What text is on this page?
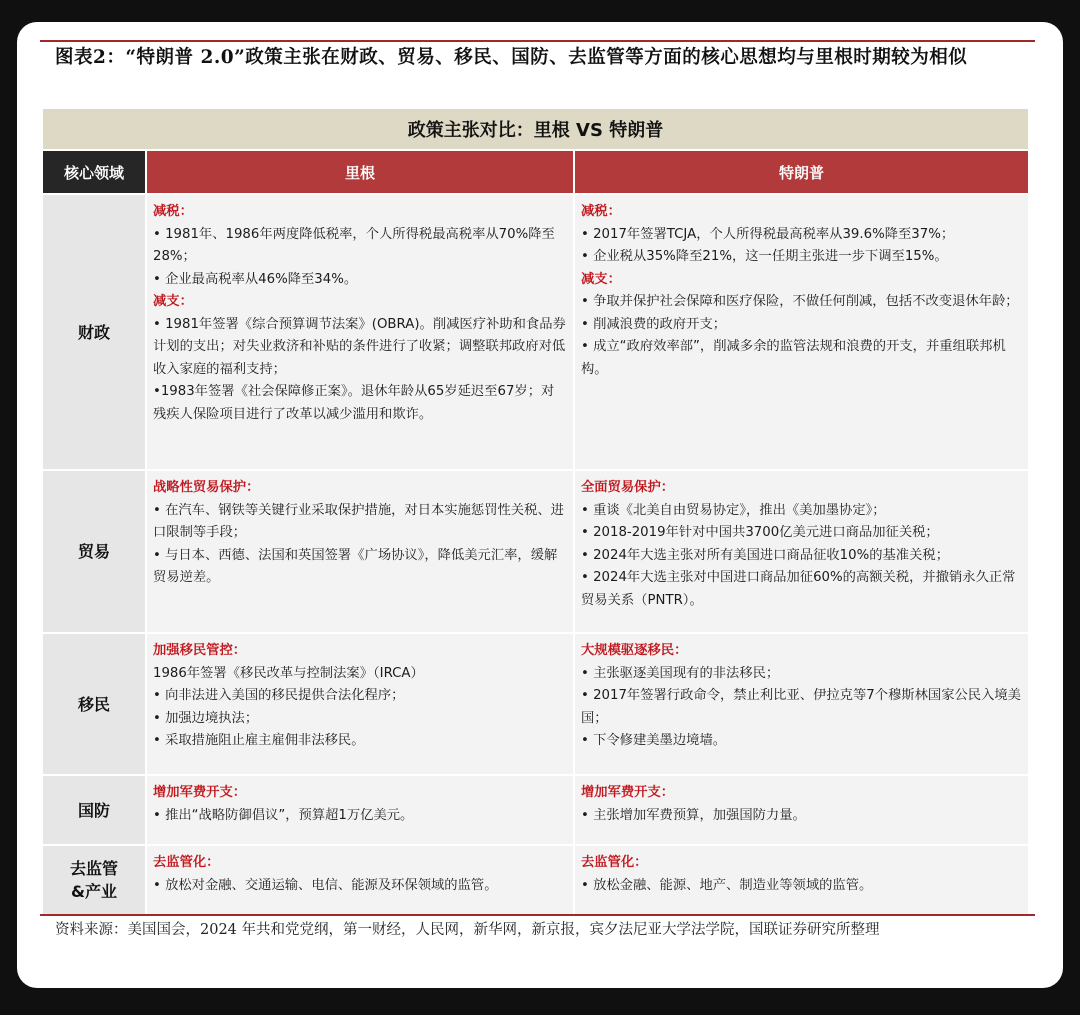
图表2：“特朗普 2.0”政策主张在财政、贸易、移民、国防、去监管等方面的核心思想均与里根时期较为相似
政策主张对比：里根 VS 特朗普
核心领域	里根	特朗普
财政
减税：
• 1981年、1986年两度降低税率，个人所得税最高税率从70%降至28%；
• 企业最高税率从46%降至34%。
减支：
• 1981年签署《综合预算调节法案》(OBRA)。削减医疗补助和食品券计划的支出；对失业救济和补贴的条件进行了收紧；调整联邦政府对低收入家庭的福利支持；
•1983年签署《社会保障修正案》。退休年龄从65岁延迟至67岁；对残疾人保险项目进行了改革以减少滥用和欺诈。
减税：
• 2017年签署TCJA，个人所得税最高税率从39.6%降至37%；
• 企业税从35%降至21%，这一任期主张进一步下调至15%。
减支：
• 争取并保护社会保障和医疗保险，不做任何削减，包括不改变退休年龄；
• 削减浪费的政府开支；
• 成立“政府效率部”，削减多余的监管法规和浪费的开支，并重组联邦机构。
贸易
战略性贸易保护：
• 在汽车、钢铁等关键行业采取保护措施，对日本实施惩罚性关税、进口限制等手段；
• 与日本、西德、法国和英国签署《广场协议》，降低美元汇率，缓解贸易逆差。
全面贸易保护：
• 重谈《北美自由贸易协定》，推出《美加墨协定》；
• 2018-2019年针对中国共3700亿美元进口商品加征关税；
• 2024年大选主张对所有美国进口商品征收10%的基准关税；
• 2024年大选主张对中国进口商品加征60%的高额关税，并撤销永久正常贸易关系（PNTR）。
移民
加强移民管控：
1986年签署《移民改革与控制法案》（IRCA）
• 向非法进入美国的移民提供合法化程序；
• 加强边境执法；
• 采取措施阻止雇主雇佣非法移民。
大规模驱逐移民：
• 主张驱逐美国现有的非法移民；
• 2017年签署行政命令，禁止利比亚、伊拉克等7个穆斯林国家公民入境美国；
• 下令修建美墨边境墙。
国防
增加军费开支：
• 推出“战略防御倡议”，预算超1万亿美元。
增加军费开支：
• 主张增加军费预算，加强国防力量。
去监管
&产业
去监管化：
• 放松对金融、交通运输、电信、能源及环保领域的监管。
去监管化：
• 放松金融、能源、地产、制造业等领域的监管。
资料来源：美国国会，2024 年共和党党纲，第一财经，人民网，新华网，新京报，宾夕法尼亚大学法学院，国联证券研究所整理
